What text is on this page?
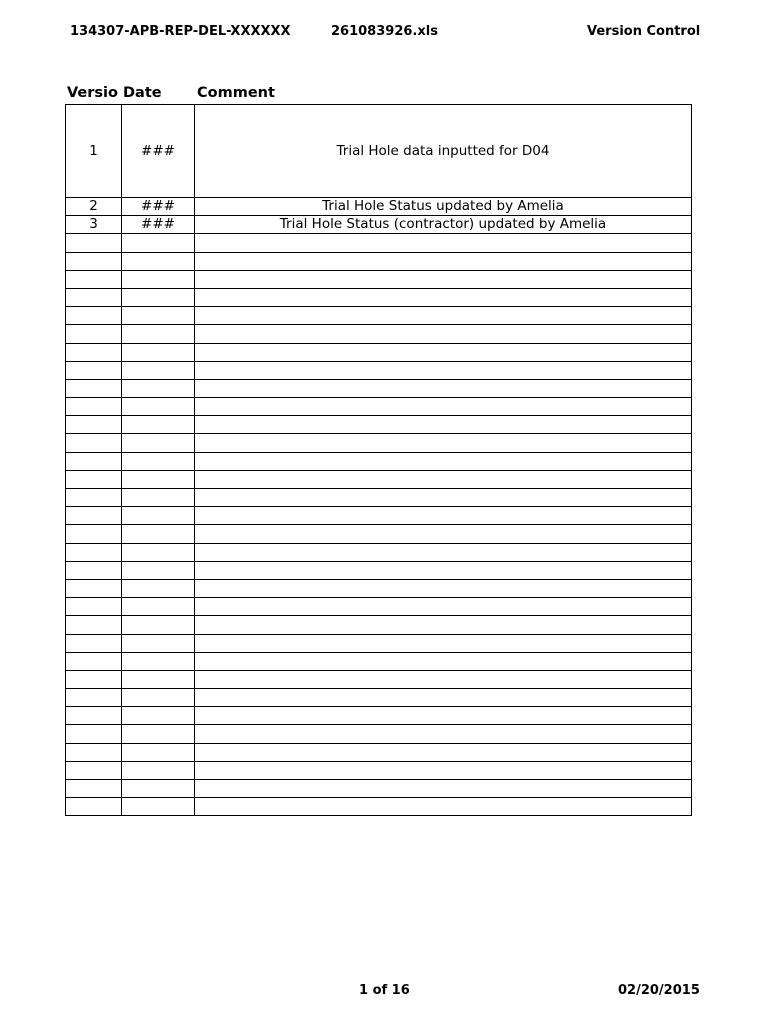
134307-APB-REP-DEL-XXXXXX	261083926.xls	Version Control
Versio Date Comment
1	###	Trial Hole data inputted for D04
2	###	Trial Hole Status updated by Amelia
3	###	Trial Hole Status (contractor) updated by Amelia

1 of 16	02/20/2015
